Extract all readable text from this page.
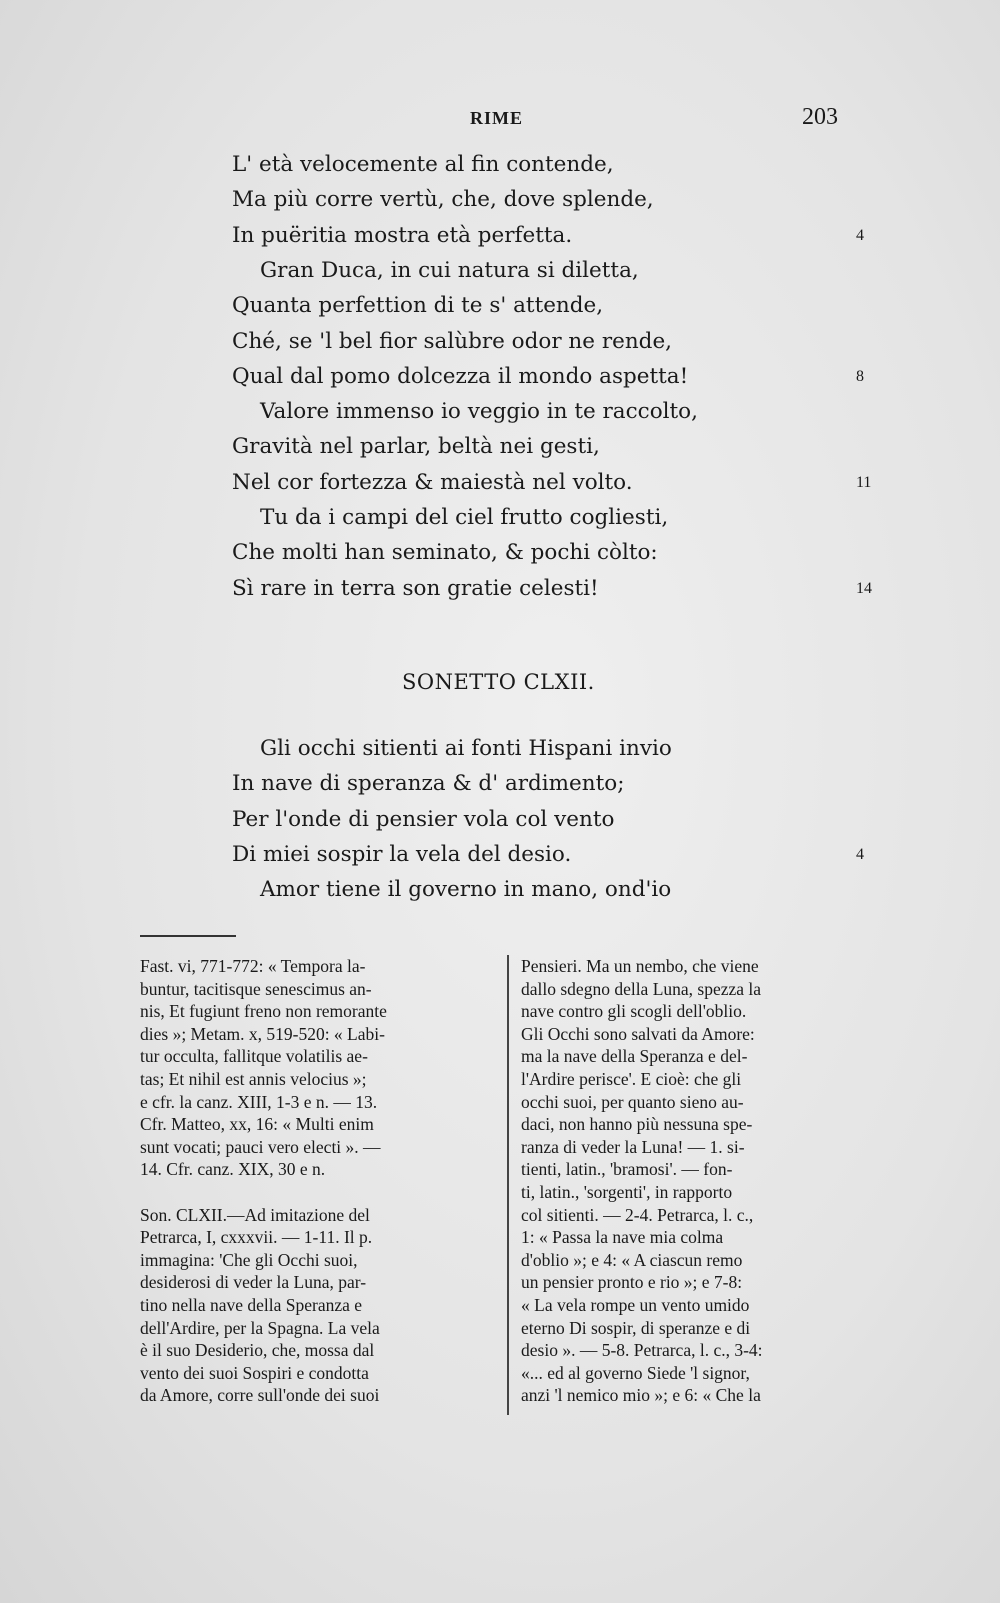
RIME	203
L' età velocemente al fin contende,
Ma più corre vertù, che, dove splende,
In puëritia mostra età perfetta.	4
Gran Duca, in cui natura si diletta,
Quanta perfettion di te s' attende,
Ché, se 'l bel fior salùbre odor ne rende,
Qual dal pomo dolcezza il mondo aspetta!	8
Valore immenso io veggio in te raccolto,
Gravità nel parlar, beltà nei gesti,
Nel cor fortezza & maiestà nel volto.	11
Tu da i campi del ciel frutto cogliesti,
Che molti han seminato, & pochi còlto:
Sì rare in terra son gratie celesti!	14
Gli occhi sitienti ai fonti Hispani invio
In nave di speranza & d' ardimento;
Per l'onde di pensier vola col vento
Di miei sospir la vela del desio.	4
Amor tiene il governo in mano, ond'io
SONETTO CLXII.
Fast. vi, 771-772: « Tempora la-
buntur, tacitisque senescimus an-
nis, Et fugiunt freno non remorante
dies »; Metam. x, 519-520: « Labi-
tur occulta, fallitque volatilis ae-
tas; Et nihil est annis velocius »;
e cfr. la canz. XIII, 1-3 e n. — 13.
Cfr. Matteo, xx, 16: « Multi enim
sunt vocati; pauci vero electi ». —
14. Cfr. canz. XIX, 30 e n.
Son. CLXII.—Ad imitazione del
Petrarca, I, cxxxvii. — 1-11. Il p.
immagina: 'Che gli Occhi suoi,
desiderosi di veder la Luna, par-
tino nella nave della Speranza e
dell'Ardire, per la Spagna. La vela
è il suo Desiderio, che, mossa dal
vento dei suoi Sospiri e condotta
da Amore, corre sull'onde dei suoi
Pensieri. Ma un nembo, che viene
dallo sdegno della Luna, spezza la
nave contro gli scogli dell'oblio.
Gli Occhi sono salvati da Amore:
ma la nave della Speranza e del-
l'Ardire perisce'. E cioè: che gli
occhi suoi, per quanto sieno au-
daci, non hanno più nessuna spe-
ranza di veder la Luna! — 1. si-
tienti, latin., 'bramosi'. — fon-
ti, latin., 'sorgenti', in rapporto
col sitienti. — 2-4. Petrarca, l. c.,
1: « Passa la nave mia colma
d'oblio »; e 4: « A ciascun remo
un pensier pronto e rio »; e 7-8:
« La vela rompe un vento umido
eterno Di sospir, di speranze e di
desio ». — 5-8. Petrarca, l. c., 3-4:
«... ed al governo Siede 'l signor,
anzi 'l nemico mio »; e 6: « Che la
